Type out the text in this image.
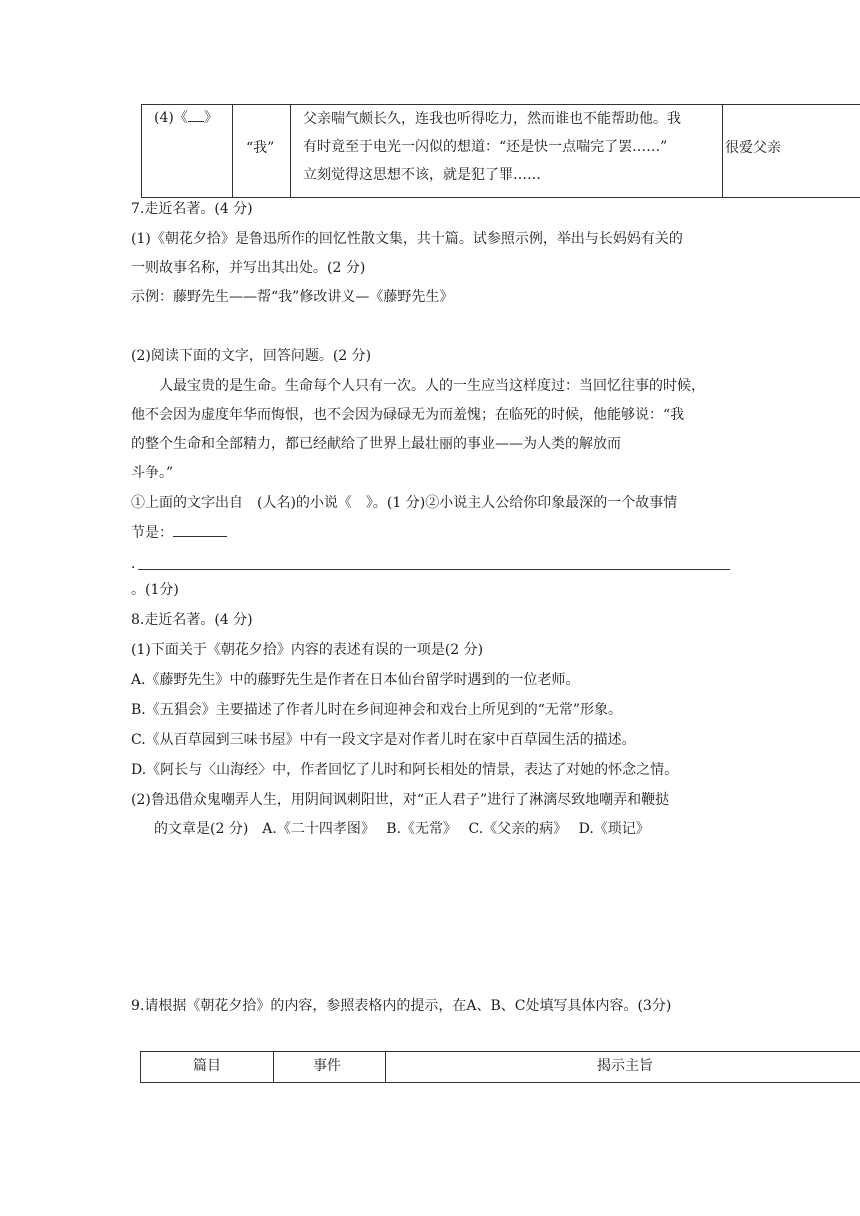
(4)《 》
“我”
父亲喘气颇长久，连我也听得吃力，然而谁也不能帮助他。我
有时竟至于电光一闪似的想道：“还是快一点喘完了罢……”
立刻觉得这思想不该，就是犯了罪……
很爱父亲
7.走近名著。(4 分)
(1)《朝花夕拾》是鲁迅所作的回忆性散文集，共十篇。试参照示例，举出与长妈妈有关的
一则故事名称，并写出其出处。(2 分)
示例：藤野先生——帮“我”修改讲义—《藤野先生》
(2)阅读下面的文字，回答问题。(2 分)
人最宝贵的是生命。生命每个人只有一次。人的一生应当这样度过：当回忆往事的时候，
他不会因为虚度年华而悔恨，也不会因为碌碌无为而羞愧；在临死的时候，他能够说：“我
的整个生命和全部精力，都已经献给了世界上最壮丽的事业——为人类的解放而
斗争。”
①上面的文字出自　(人名)的小说《　》。(1 分)②小说主人公给你印象最深的一个故事情
节是：
.
。(1分)
8.走近名著。(4 分)
(1)下面关于《朝花夕拾》内容的表述有误的一项是(2 分)
A.《藤野先生》中的藤野先生是作者在日本仙台留学时遇到的一位老师。
B.《五猖会》主要描述了作者儿时在乡间迎神会和戏台上所见到的“无常”形象。
C.《从百草园到三味书屋》中有一段文字是对作者儿时在家中百草园生活的描述。
D.《阿长与〈山海经〉中，作者回忆了儿时和阿长相处的情景，表达了对她的怀念之情。
(2)鲁迅借众鬼嘲弄人生，用阴间讽刺阳世，对“正人君子”进行了淋漓尽致地嘲弄和鞭挞
的文章是(2 分)　A.《二十四孝图》　 B.《无常》　 C.《父亲的病》　 D.《琐记》
9.请根据《朝花夕拾》的内容，参照表格内的提示，在A、B、C处填写具体内容。(3分)
篇目	事件	揭示主旨
